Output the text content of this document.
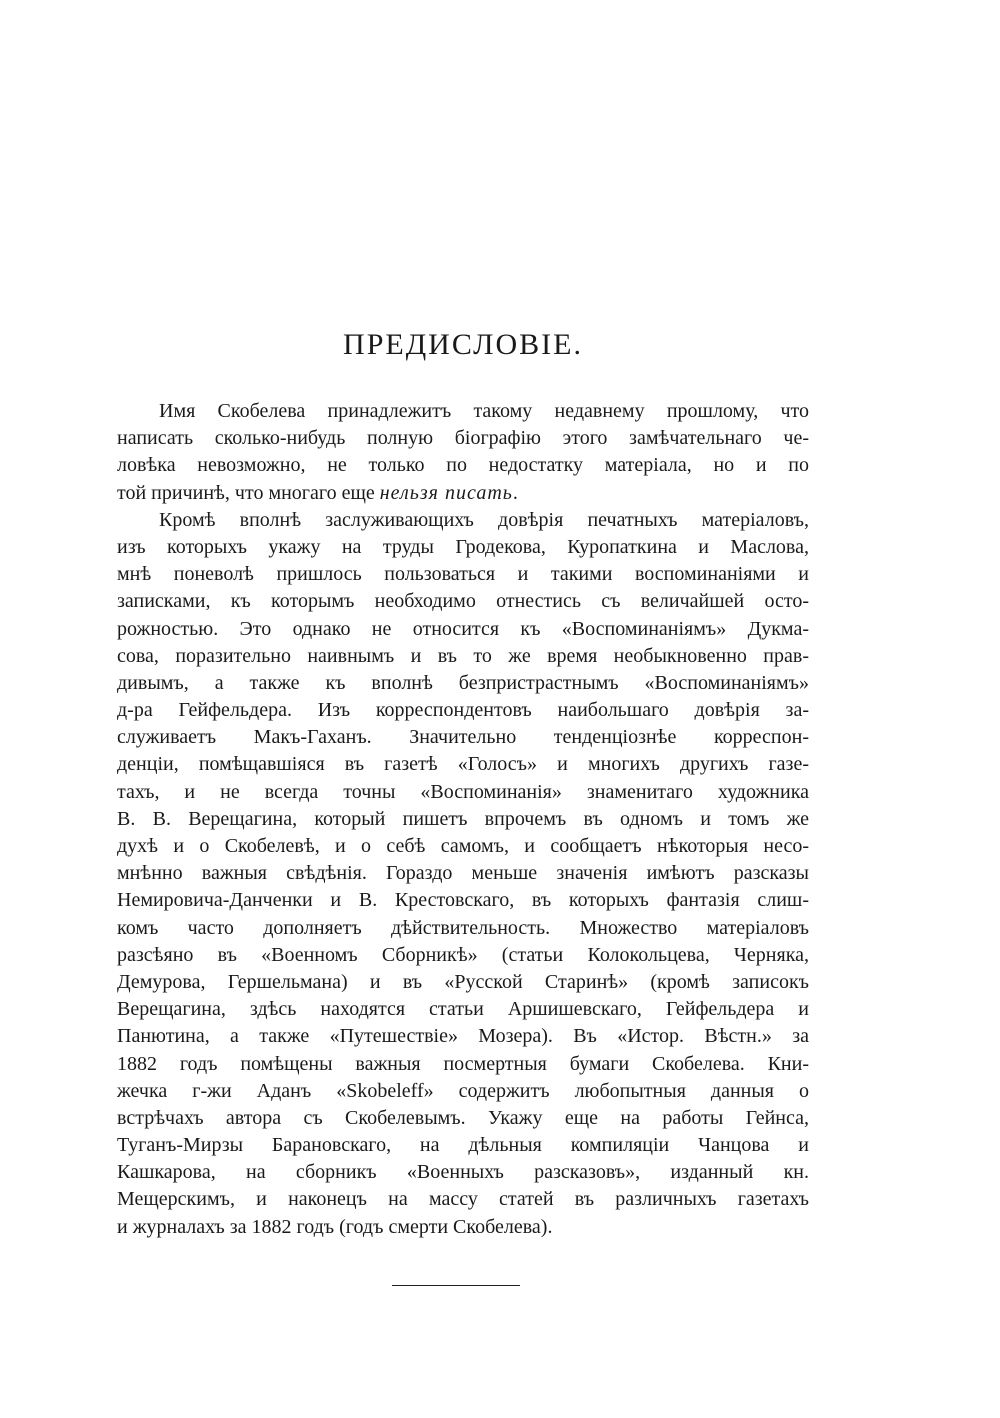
ПРЕДИСЛОВІЕ.
Имя Скобелева принадлежитъ такому недавнему прошлому, что
написать сколько-нибудь полную біографію этого замѣчательнаго че-
ловѣка невозможно, не только по недостатку матеріала, но и по
той причинѣ, что многаго еще нельзя писать.
Кромѣ вполнѣ заслуживающихъ довѣрія печатныхъ матеріаловъ,
изъ которыхъ укажу на труды Гродекова, Куропаткина и Маслова,
мнѣ поневолѣ пришлось пользоваться и такими воспоминаніями и
записками, къ которымъ необходимо отнестись съ величайшей осто-
рожностью. Это однако не относится къ «Воспоминаніямъ» Дукма-
сова, поразительно наивнымъ и въ то же время необыкновенно прав-
дивымъ, а также къ вполнѣ безпристрастнымъ «Воспоминаніямъ»
д-ра Гейфельдера. Изъ корреспондентовъ наибольшаго довѣрія за-
служиваетъ Макъ-Гаханъ. Значительно тенденціознѣе корреспон-
денціи, помѣщавшіяся въ газетѣ «Голосъ» и многихъ другихъ газе-
тахъ, и не всегда точны «Воспоминанія» знаменитаго художника
В. В. Верещагина, который пишетъ впрочемъ въ одномъ и томъ же
духѣ и о Скобелевѣ, и о себѣ самомъ, и сообщаетъ нѣкоторыя несо-
мнѣнно важныя свѣдѣнія. Гораздо меньше значенія имѣютъ разсказы
Немировича-Данченки и В. Крестовскаго, въ которыхъ фантазія слиш-
комъ часто дополняетъ дѣйствительность. Множество матеріаловъ
разсѣяно въ «Военномъ Сборникѣ» (статьи Колокольцева, Черняка,
Демурова, Гершельмана) и въ «Русской Старинѣ» (кромѣ записокъ
Верещагина, здѣсь находятся статьи Аршишевскаго, Гейфельдера и
Панютина, а также «Путешествіе» Мозера). Въ «Истор. Вѣстн.» за
1882 годъ помѣщены важныя посмертныя бумаги Скобелева. Кни-
жечка г-жи Аданъ «Skobeleff» содержитъ любопытныя данныя о
встрѣчахъ автора съ Скобелевымъ. Укажу еще на работы Гейнса,
Туганъ-Мирзы Барановскаго, на дѣльныя компиляціи Чанцова и
Кашкарова, на сборникъ «Военныхъ разсказовъ», изданный кн.
Мещерскимъ, и наконецъ на массу статей въ различныхъ газетахъ
и журналахъ за 1882 годъ (годъ смерти Скобелева).
